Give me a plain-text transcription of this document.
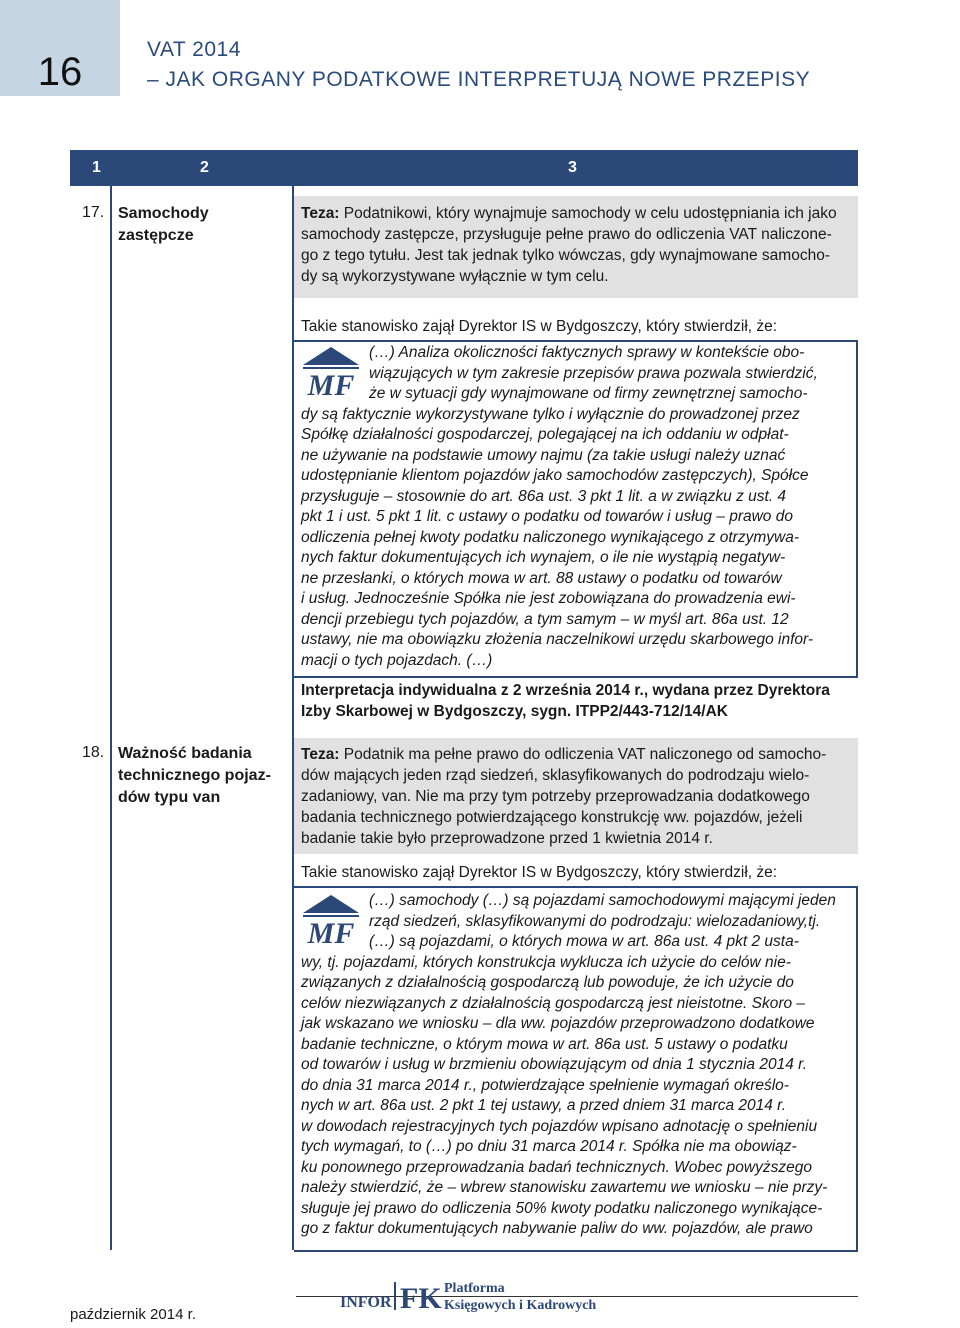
16
VAT 2014
– JAK ORGANY PODATKOWE INTERPRETUJĄ NOWE PRZEPISY
1	2	3
17. Samochody
zastępcze
Teza: Podatnikowi, który wynajmuje samochody w celu udostępniania ich jako
samochody zastępcze, przysługuje pełne prawo do odliczenia VAT naliczone-
go z tego tytułu. Jest tak jednak tylko wówczas, gdy wynajmowane samocho-
dy są wykorzystywane wyłącznie w tym celu.
Takie stanowisko zajął Dyrektor IS w Bydgoszczy, który stwierdził, że:
MF
(…) Analiza okoliczności faktycznych sprawy w kontekście obo-
wiązujących w tym zakresie przepisów prawa pozwala stwierdzić,
że w sytuacji gdy wynajmowane od firmy zewnętrznej samocho-
dy są faktycznie wykorzystywane tylko i wyłącznie do prowadzonej przez
Spółkę działalności gospodarczej, polegającej na ich oddaniu w odpłat-
ne używanie na podstawie umowy najmu (za takie usługi należy uznać
udostępnianie klientom pojazdów jako samochodów zastępczych), Spółce
przysługuje – stosownie do art. 86a ust. 3 pkt 1 lit. a w związku z ust. 4
pkt 1 i ust. 5 pkt 1 lit. c ustawy o podatku od towarów i usług – prawo do
odliczenia pełnej kwoty podatku naliczonego wynikającego z otrzymywa-
nych faktur dokumentujących ich wynajem, o ile nie wystąpią negatyw-
ne przesłanki, o których mowa w art. 88 ustawy o podatku od towarów
i usług. Jednocześnie Spółka nie jest zobowiązana do prowadzenia ewi-
dencji przebiegu tych pojazdów, a tym samym – w myśl art. 86a ust. 12
ustawy, nie ma obowiązku złożenia naczelnikowi urzędu skarbowego infor-
macji o tych pojazdach. (…)
Interpretacja indywidualna z 2 września 2014 r., wydana przez Dyrektora
Izby Skarbowej w Bydgoszczy, sygn. ITPP2/443-712/14/AK
18. Ważność badania
technicznego pojaz-
dów typu van
Teza: Podatnik ma pełne prawo do odliczenia VAT naliczonego od samocho-
dów mających jeden rząd siedzeń, sklasyfikowanych do podrodzaju wielo-
zadaniowy, van. Nie ma przy tym potrzeby przeprowadzania dodatkowego
badania technicznego potwierdzającego konstrukcję ww. pojazdów, jeżeli
badanie takie było przeprowadzone przed 1 kwietnia 2014 r.
Takie stanowisko zajął Dyrektor IS w Bydgoszczy, który stwierdził, że:
MF
(…) samochody (…) są pojazdami samochodowymi mającymi jeden
rząd siedzeń, sklasyfikowanymi do podrodzaju: wielozadaniowy,tj.
(…) są pojazdami, o których mowa w art. 86a ust. 4 pkt 2 usta-
wy, tj. pojazdami, których konstrukcja wyklucza ich użycie do celów nie-
związanych z działalnością gospodarczą lub powoduje, że ich użycie do
celów niezwiązanych z działalnością gospodarczą jest nieistotne. Skoro –
jak wskazano we wniosku – dla ww. pojazdów przeprowadzono dodatkowe
badanie techniczne, o którym mowa w art. 86a ust. 5 ustawy o podatku
od towarów i usług w brzmieniu obowiązującym od dnia 1 stycznia 2014 r.
do dnia 31 marca 2014 r., potwierdzające spełnienie wymagań określo-
nych w art. 86a ust. 2 pkt 1 tej ustawy, a przed dniem 31 marca 2014 r.
w dowodach rejestracyjnych tych pojazdów wpisano adnotację o spełnieniu
tych wymagań, to (…) po dniu 31 marca 2014 r. Spółka nie ma obowiąz-
ku ponownego przeprowadzania badań technicznych. Wobec powyższego
należy stwierdzić, że – wbrew stanowisku zawartemu we wniosku – nie przy-
sługuje jej prawo do odliczenia 50% kwoty podatku naliczonego wynikające-
go z faktur dokumentujących nabywanie paliw do ww. pojazdów, ale prawo
październik 2014 r.
INFOR FK Platforma
Księgowych i Kadrowych
